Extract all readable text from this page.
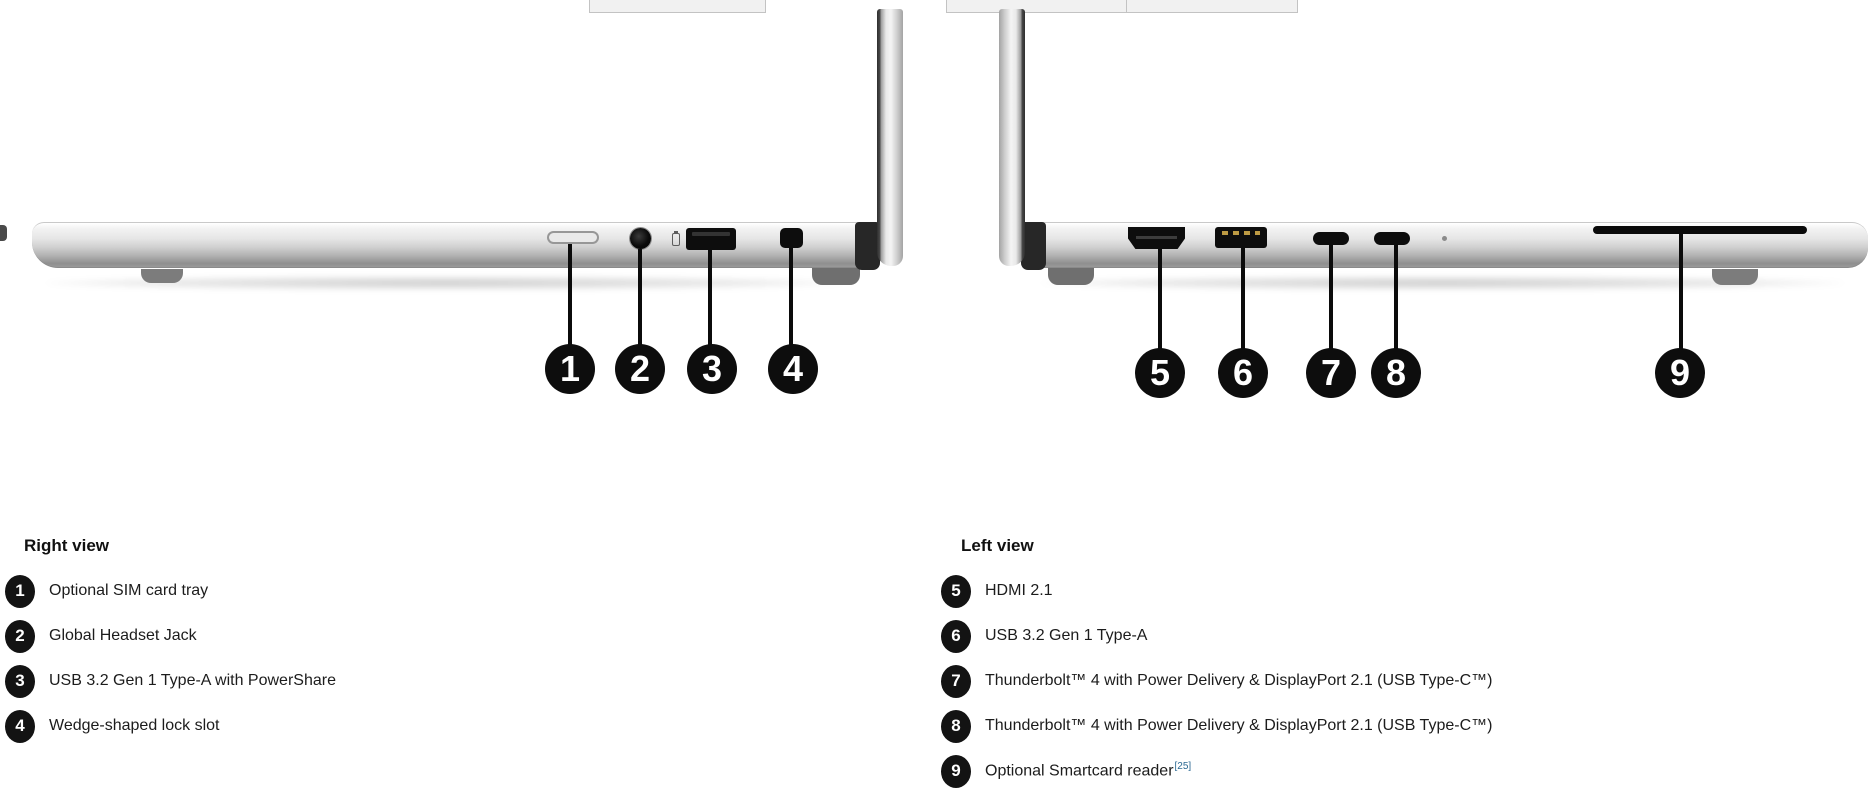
1 2 3 4	5 6 7 8	9
Right view	Left view
1	Optional SIM card tray
2	Global Headset Jack
3	USB 3.2 Gen 1 Type-A with PowerShare
4	Wedge-shaped lock slot
5	HDMI 2.1
6	USB 3.2 Gen 1 Type-A
7	Thunderbolt™ 4 with Power Delivery & DisplayPort 2.1 (USB Type-C™)
8	Thunderbolt™ 4 with Power Delivery & DisplayPort 2.1 (USB Type-C™)
9	Optional Smartcard reader[25]
